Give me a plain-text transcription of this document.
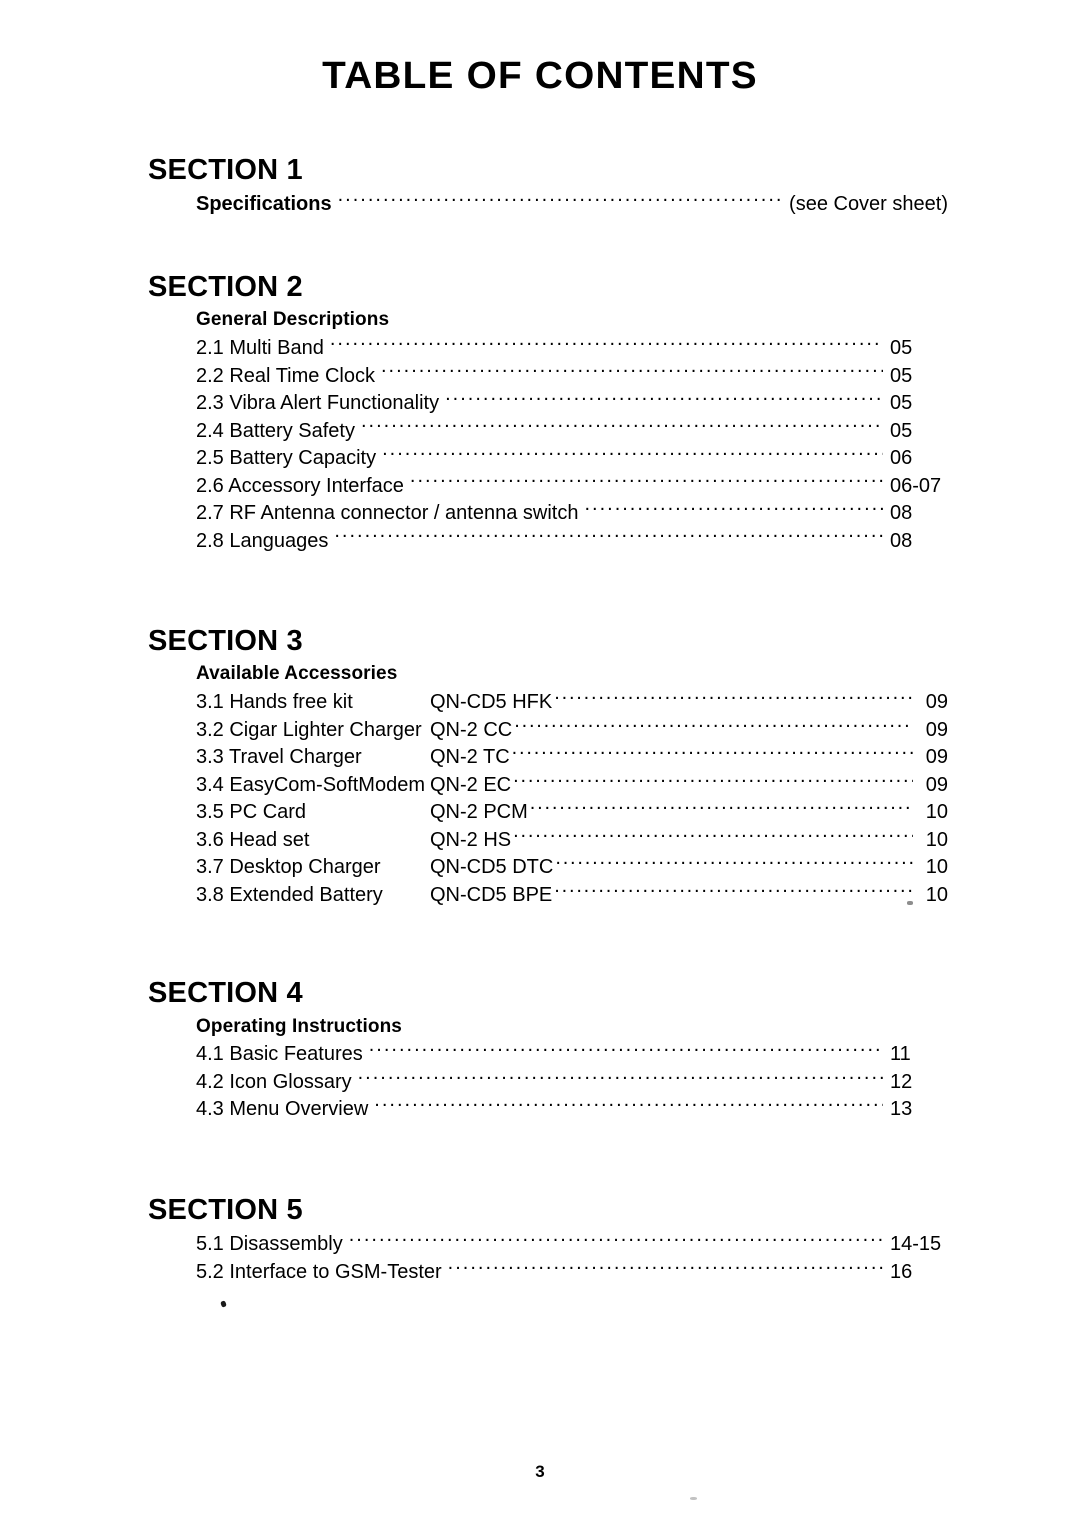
TABLE OF CONTENTS
SECTION 1
Specifications .....	(see Cover sheet)
SECTION 2
General Descriptions
2.1 Multi Band .....	05
2.2 Real Time Clock .....	05
2.3 Vibra Alert Functionality .....	05
2.4 Battery Safety .....	05
2.5 Battery Capacity .....	06
2.6 Accessory Interface .....	06-07
2.7 RF Antenna connector / antenna switch .....	08
2.8 Languages .....	08
SECTION 3
Available Accessories
3.1 Hands free kit	QN-CD5 HFK .....	09
3.2 Cigar Lighter Charger QN-2 CC .....	09
3.3 Travel Charger	QN-2 TC .....	09
3.4 EasyCom-SoftModem QN-2 EC .....	09
3.5 PC Card	QN-2 PCM .....	10
3.6 Head set	QN-2 HS .....	10
3.7 Desktop Charger	QN-CD5 DTC .....	10
3.8 Extended Battery	QN-CD5 BPE .....	10
SECTION 4
Operating Instructions
4.1 Basic Features .....	11
4.2 Icon Glossary .....	12
4.3 Menu Overview .....	13
SECTION 5
5.1 Disassembly .....	14-15
5.2 Interface to GSM-Tester .....	16
3
